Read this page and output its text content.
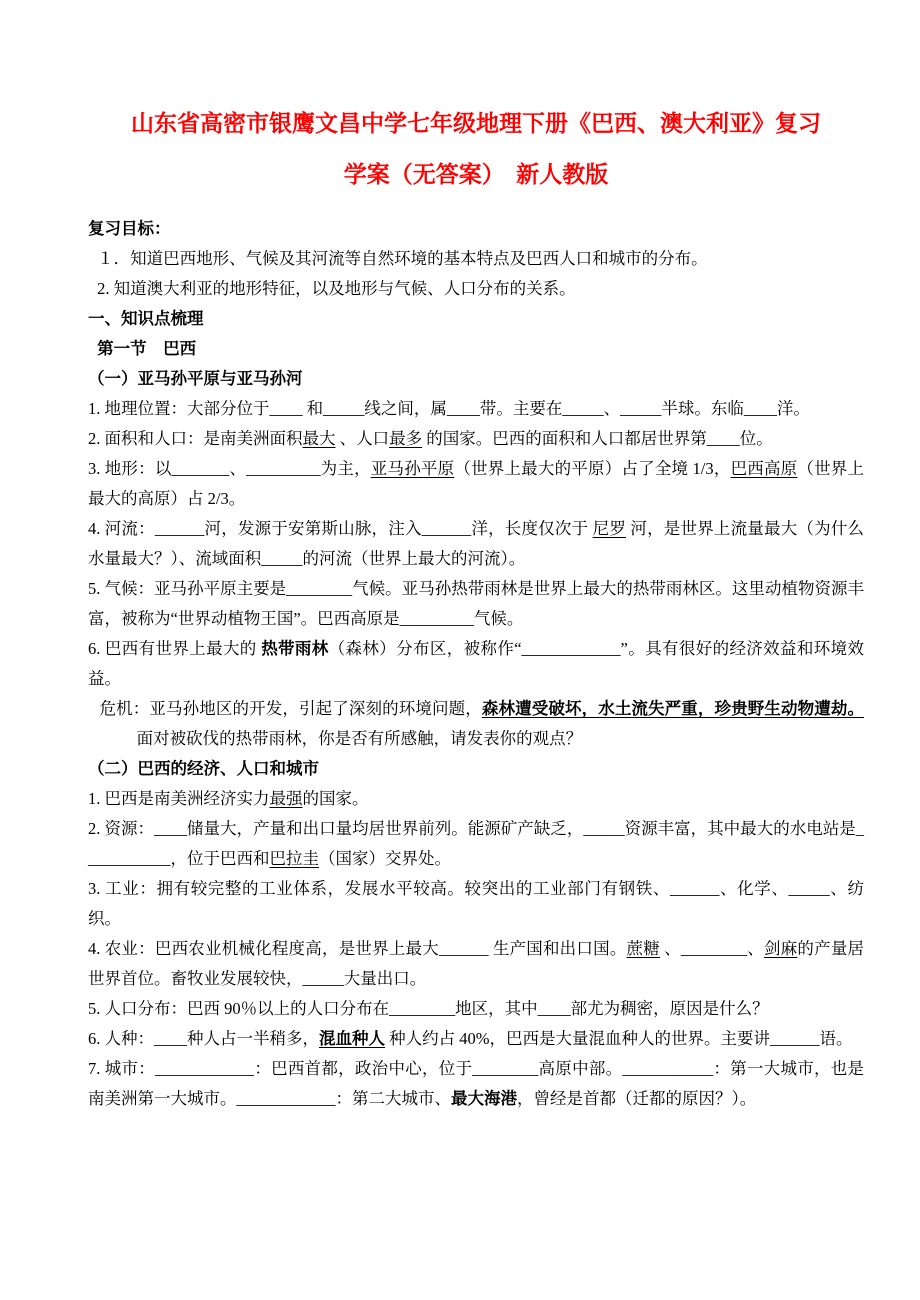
山东省高密市银鹰文昌中学七年级地理下册《巴西、澳大利亚》复习
学案（无答案）　新人教版

复习目标：

１．知道巴西地形、气候及其河流等自然环境的基本特点及巴西人口和城市的分布。

2. 知道澳大利亚的地形特征，以及地形与气候、人口分布的关系。

一、知识点梳理

第一节　巴西

（一）亚马孙平原与亚马孙河

1. 地理位置：大部分位于____ 和_____线之间，属____带。主要在_____、_____半球。东临____洋。

2. 面积和人口：是南美洲面积最大 、人口最多 的国家。巴西的面积和人口都居世界第____位。

3. 地形：以_______、_________为主，亚马孙平原（世界上最大的平原）占了全境 1/3，巴西高原（世界上最大的高原）占 2/3。

4. 河流：______河，发源于安第斯山脉，注入______洋，长度仅次于 尼罗 河，是世界上流量最大（为什么水量最大？）、流域面积_____的河流（世界上最大的河流）。

5. 气候：亚马孙平原主要是________气候。亚马孙热带雨林是世界上最大的热带雨林区。这里动植物资源丰富，被称为“世界动植物王国”。巴西高原是_________气候。

6. 巴西有世界上最大的 热带雨林（森林）分布区，被称作“____________”。具有很好的经济效益和环境效益。

危机：亚马孙地区的开发，引起了深刻的环境问题，森林遭受破坏，水土流失严重，珍贵野生动物遭劫。面对被砍伐的热带雨林，你是否有所感触，请发表你的观点？

（二）巴西的经济、人口和城市

1. 巴西是南美洲经济实力最强的国家。

2. 资源：____储量大，产量和出口量均居世界前列。能源矿产缺乏，_____资源丰富，其中最大的水电站是___________，位于巴西和巴拉圭（国家）交界处。

3. 工业：拥有较完整的工业体系，发展水平较高。较突出的工业部门有钢铁、______、化学、_____、纺织。

4. 农业：巴西农业机械化程度高，是世界上最大______ 生产国和出口国。蔗糖 、________、剑麻的产量居世界首位。畜牧业发展较快，_____大量出口。

5. 人口分布：巴西 90％以上的人口分布在________地区，其中____部尤为稠密，原因是什么？

6. 人种：____种人占一半稍多，混血种人 种人约占 40%，巴西是大量混血种人的世界。主要讲______语。

7. 城市：____________：巴西首都，政治中心，位于________高原中部。___________：第一大城市，也是南美洲第一大城市。____________：第二大城市、最大海港，曾经是首都（迁都的原因？）。
